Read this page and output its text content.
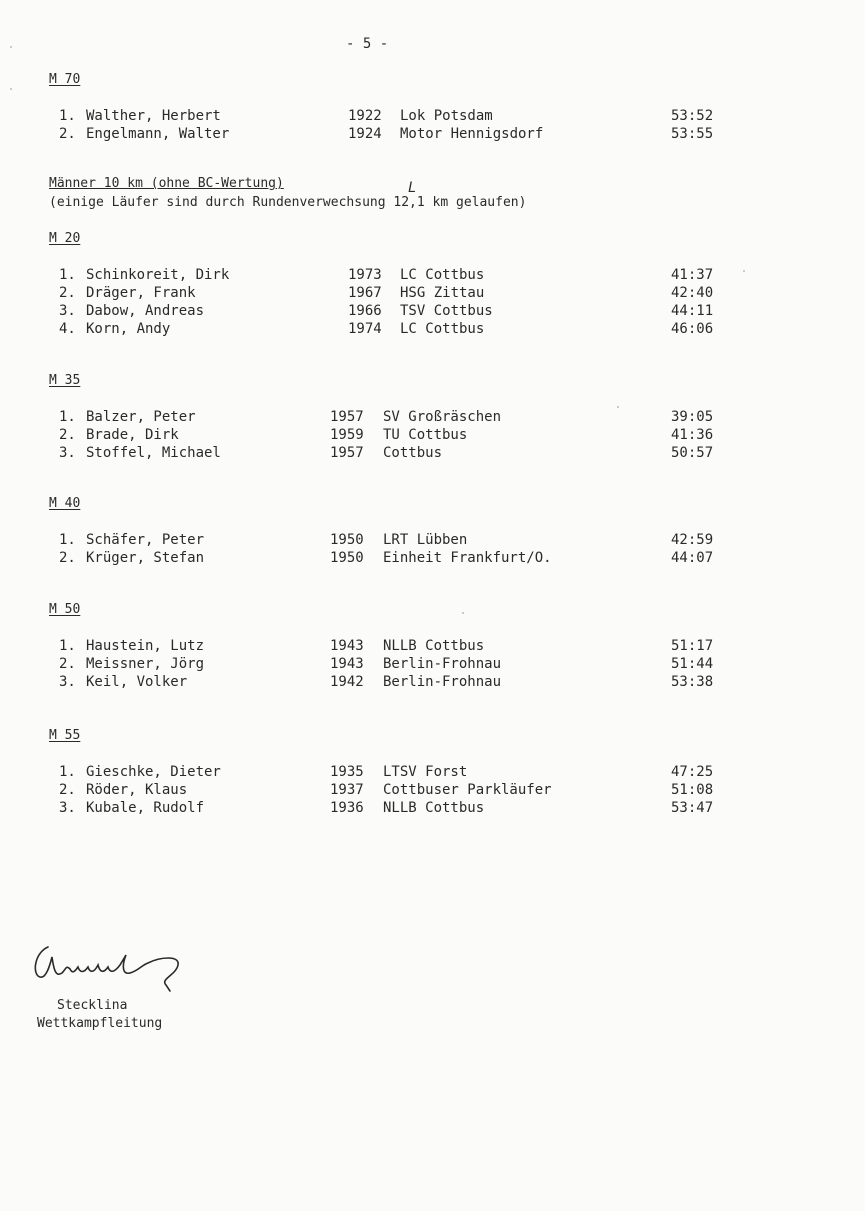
- 5 -
M 70
1. Walther, Herbert	1922 Lok Potsdam	53:52
2. Engelmann, Walter	1924 Motor Hennigsdorf	53:55
M 20
1. Schinkoreit, Dirk	1973 LC Cottbus	41:37
2. Dräger, Frank	1967 HSG Zittau	42:40
3. Dabow, Andreas	1966 TSV Cottbus	44:11
4. Korn, Andy	1974 LC Cottbus	46:06
M 35
1. Balzer, Peter	1957 SV Großräschen	39:05
2. Brade, Dirk	1959 TU Cottbus	41:36
3. Stoffel, Michael	1957 Cottbus	50:57
M 40
1. Schäfer, Peter	1950 LRT Lübben	42:59
2. Krüger, Stefan	1950 Einheit Frankfurt/O.	44:07
M 50
1. Haustein, Lutz	1943 NLLB Cottbus	51:17
2. Meissner, Jörg	1943 Berlin-Frohnau	51:44
3. Keil, Volker	1942 Berlin-Frohnau	53:38
M 55
1. Gieschke, Dieter	1935 LTSV Forst	47:25
2. Röder, Klaus	1937 Cottbuser Parkläufer	51:08
3. Kubale, Rudolf	1936 NLLB Cottbus	53:47
Männer 10 km (ohne BC-Wertung)	L
(einige Läufer sind durch Rundenverwechsung 12,1 km gelaufen)
Stecklina
Wettkampfleitung
